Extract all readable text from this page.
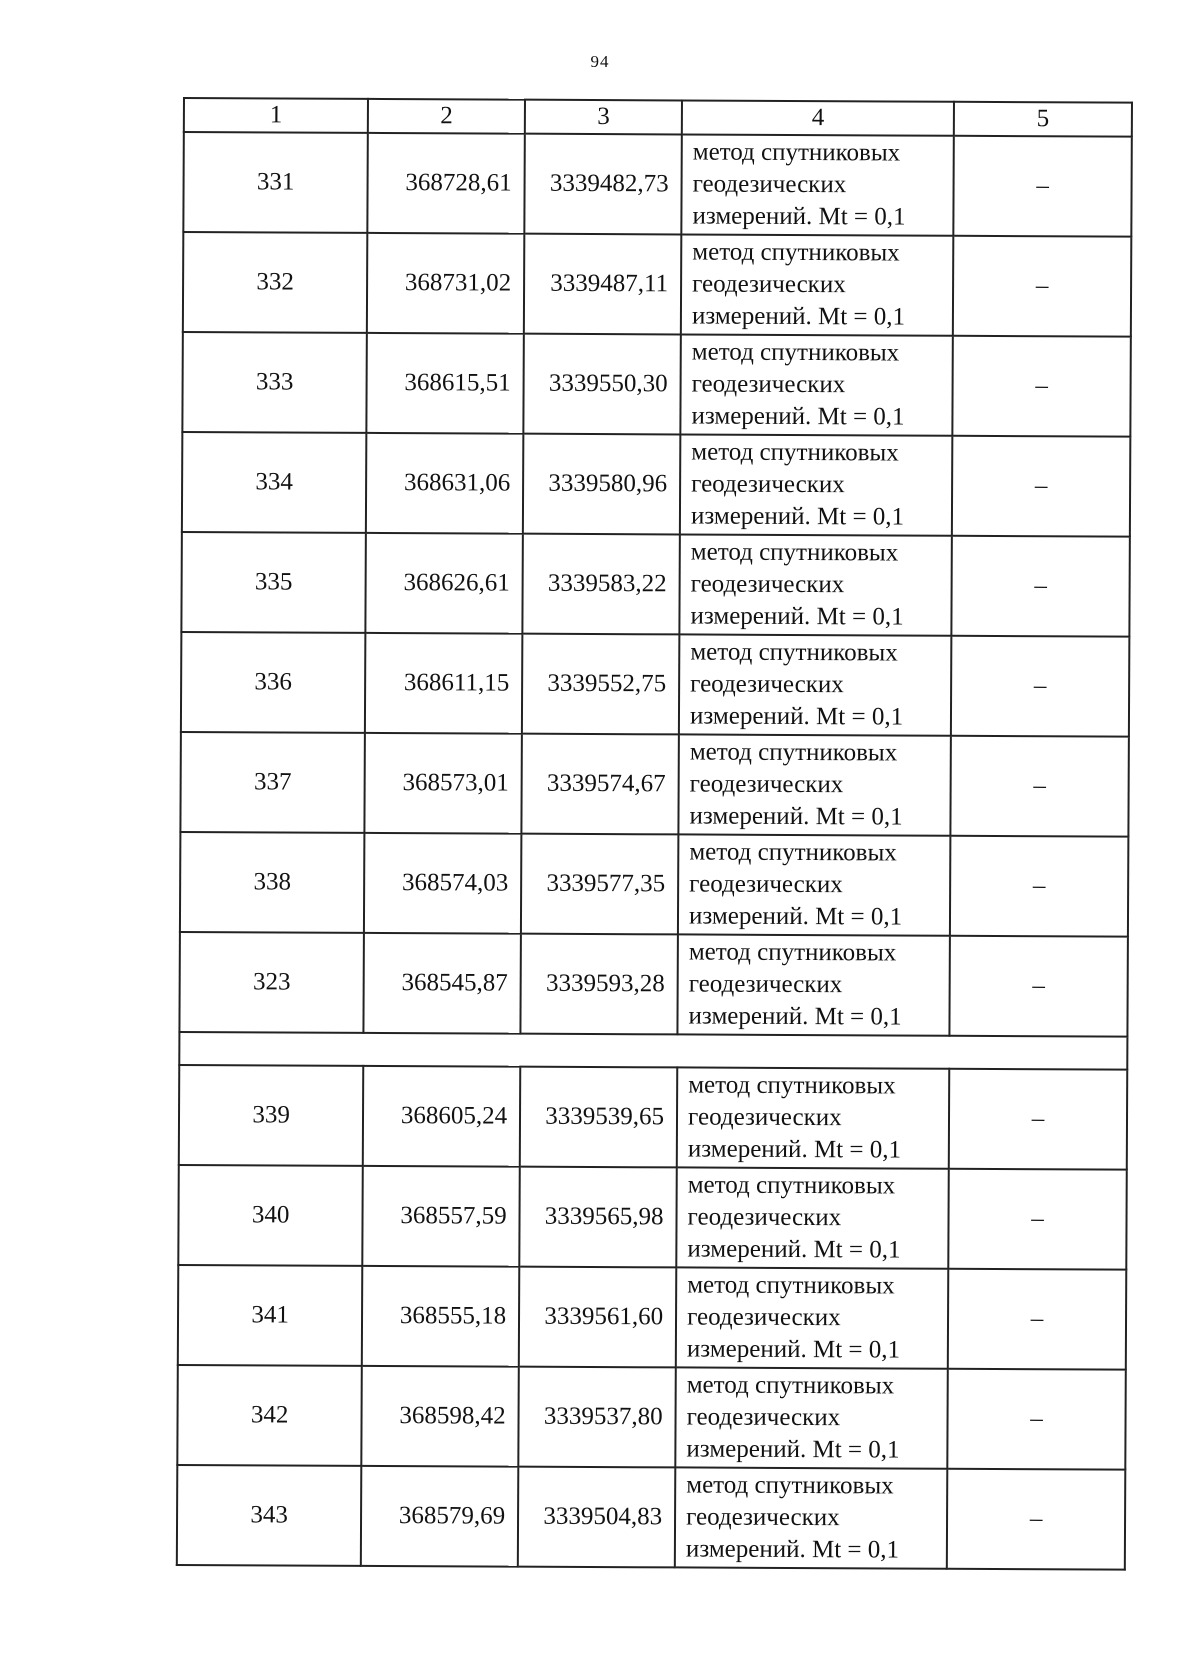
94
1	2	3	4	5
331	368728,61	3339482,73	метод спутниковых
геодезических
измерений. Mt = 0,1	–
332	368731,02	3339487,11	метод спутниковых
геодезических
измерений. Mt = 0,1	–
333	368615,51	3339550,30	метод спутниковых
геодезических
измерений. Mt = 0,1	–
334	368631,06	3339580,96	метод спутниковых
геодезических
измерений. Mt = 0,1	–
335	368626,61	3339583,22	метод спутниковых
геодезических
измерений. Mt = 0,1	–
336	368611,15	3339552,75	метод спутниковых
геодезических
измерений. Mt = 0,1	–
337	368573,01	3339574,67	метод спутниковых
геодезических
измерений. Mt = 0,1	–
338	368574,03	3339577,35	метод спутниковых
геодезических
измерений. Mt = 0,1	–
323	368545,87	3339593,28	метод спутниковых
геодезических
измерений. Mt = 0,1	–

339	368605,24	3339539,65	метод спутниковых
геодезических
измерений. Mt = 0,1	–
340	368557,59	3339565,98	метод спутниковых
геодезических
измерений. Mt = 0,1	–
341	368555,18	3339561,60	метод спутниковых
геодезических
измерений. Mt = 0,1	–
342	368598,42	3339537,80	метод спутниковых
геодезических
измерений. Mt = 0,1	–
343	368579,69	3339504,83	метод спутниковых
геодезических
измерений. Mt = 0,1	–
